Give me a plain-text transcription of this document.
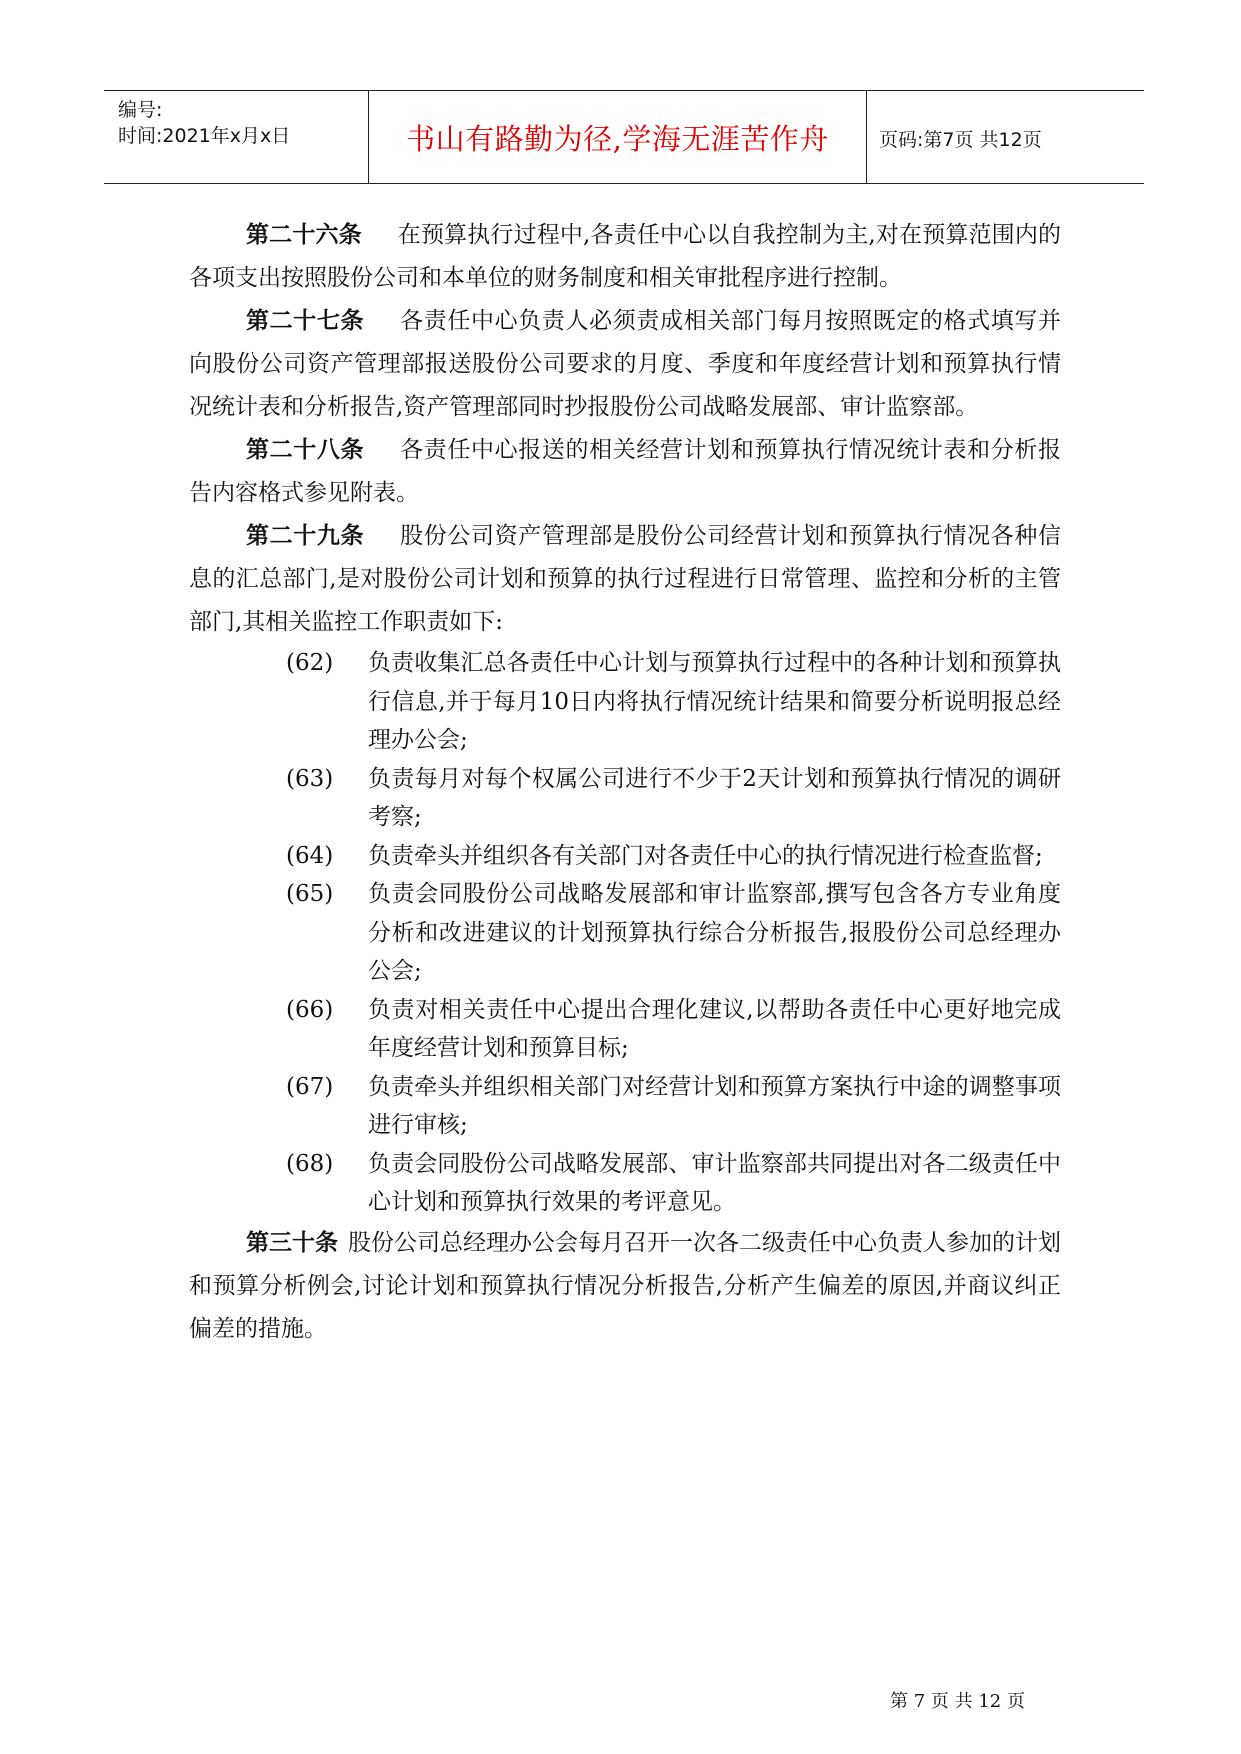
编号:
时间:2021年x月x日	书山有路勤为径,学海无涯苦作舟	页码:第7页 共12页

第二十六条 在预算执行过程中,各责任中心以自我控制为主,对在预算范围内的各项支出按照股份公司和本单位的财务制度和相关审批程序进行控制。

第二十七条 各责任中心负责人必须责成相关部门每月按照既定的格式填写并向股份公司资产管理部报送股份公司要求的月度、季度和年度经营计划和预算执行情况统计表和分析报告,资产管理部同时抄报股份公司战略发展部、审计监察部。

第二十八条 各责任中心报送的相关经营计划和预算执行情况统计表和分析报告内容格式参见附表。

第二十九条 股份公司资产管理部是股份公司经营计划和预算执行情况各种信息的汇总部门,是对股份公司计划和预算的执行过程进行日常管理、监控和分析的主管部门,其相关监控工作职责如下:

(62) 负责收集汇总各责任中心计划与预算执行过程中的各种计划和预算执行信息,并于每月10日内将执行情况统计结果和简要分析说明报总经理办公会;
(63) 负责每月对每个权属公司进行不少于2天计划和预算执行情况的调研考察;
(64) 负责牵头并组织各有关部门对各责任中心的执行情况进行检查监督;
(65) 负责会同股份公司战略发展部和审计监察部,撰写包含各方专业角度分析和改进建议的计划预算执行综合分析报告,报股份公司总经理办公会;
(66) 负责对相关责任中心提出合理化建议,以帮助各责任中心更好地完成年度经营计划和预算目标;
(67) 负责牵头并组织相关部门对经营计划和预算方案执行中途的调整事项进行审核;
(68) 负责会同股份公司战略发展部、审计监察部共同提出对各二级责任中心计划和预算执行效果的考评意见。

第三十条 股份公司总经理办公会每月召开一次各二级责任中心负责人参加的计划和预算分析例会,讨论计划和预算执行情况分析报告,分析产生偏差的原因,并商议纠正偏差的措施。

第 7 页 共 12 页
